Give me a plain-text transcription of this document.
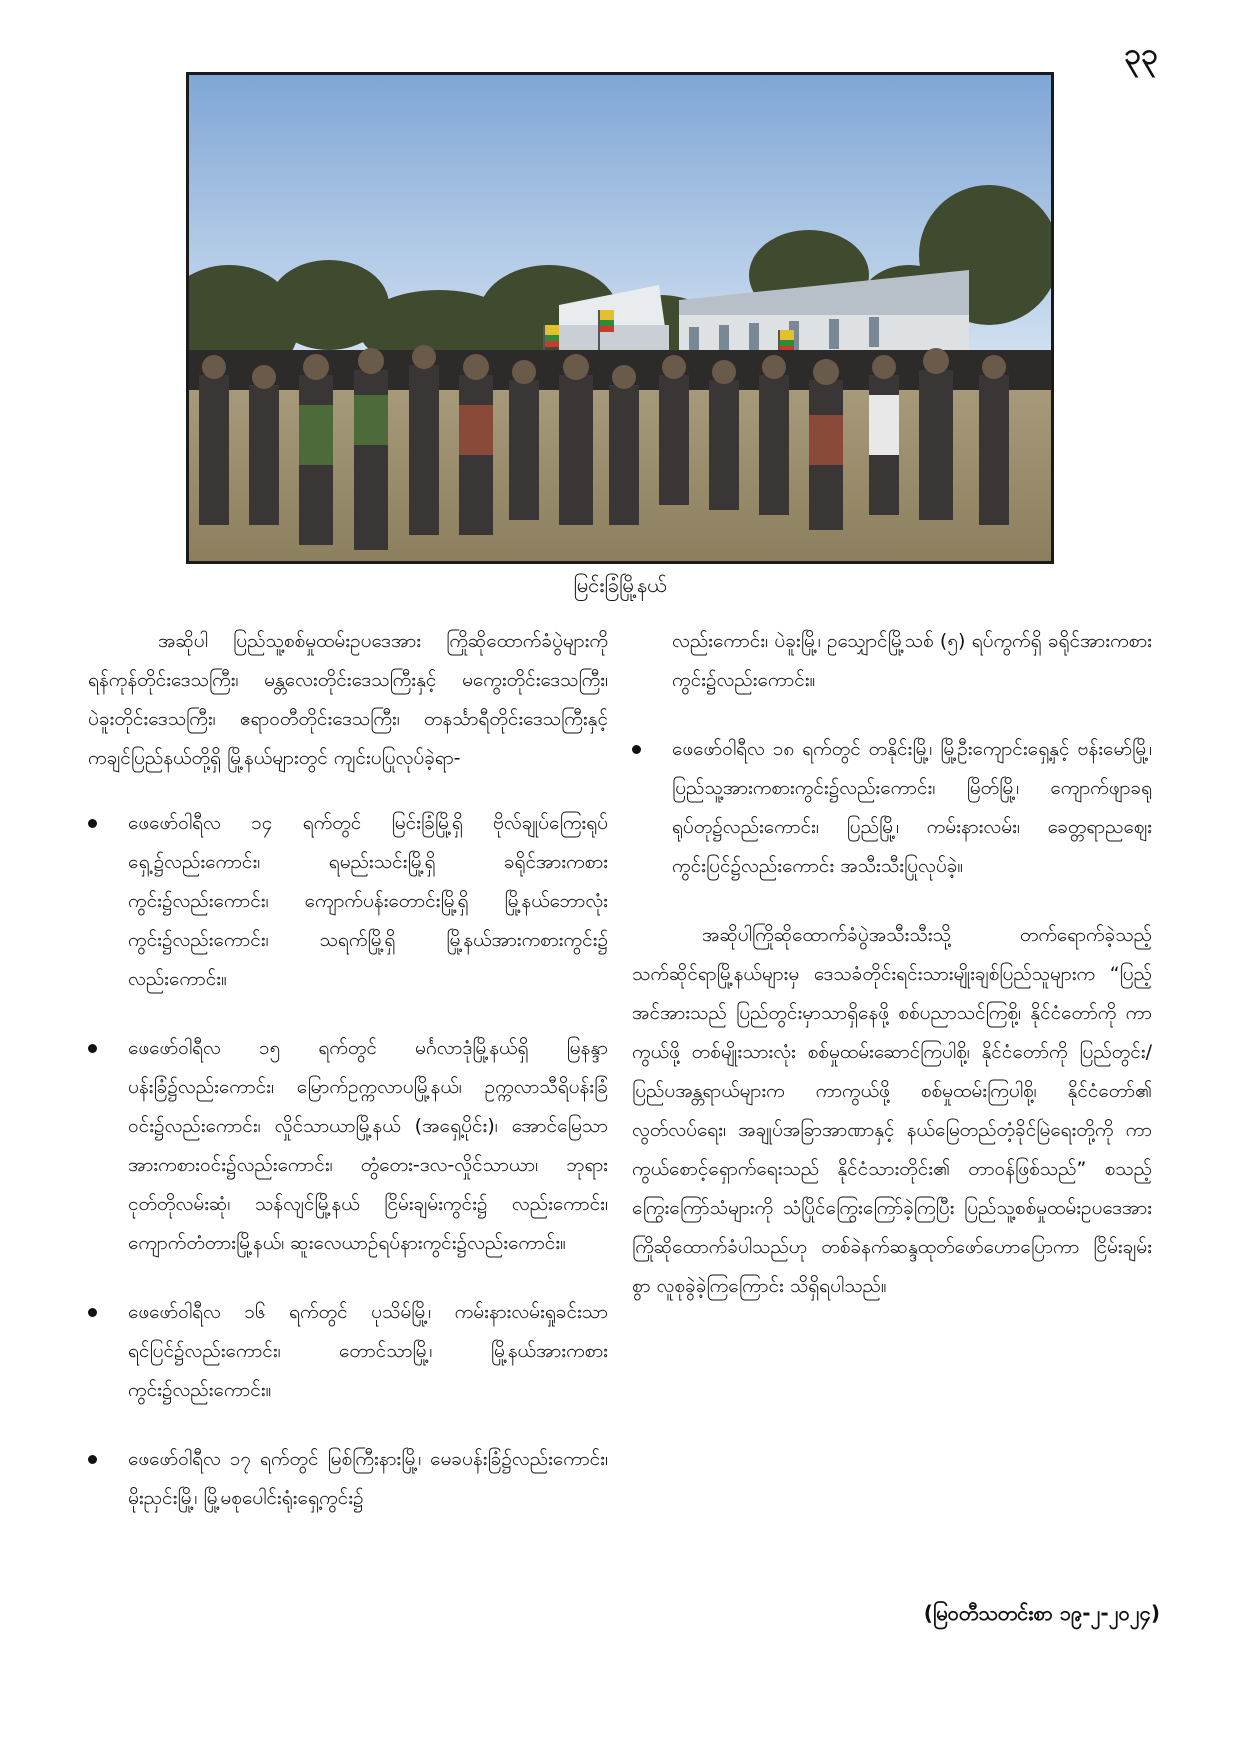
၃၃
မြင်းခြံမြို့နယ်

အဆိုပါ ပြည်သူ့စစ်မှုထမ်းဥပဒေအား ကြိုဆိုထောက်ခံပွဲများကို ရန်ကုန်တိုင်းဒေသကြီး၊ မန္တလေးတိုင်းဒေသကြီးနှင့် မကွေးတိုင်းဒေသကြီး၊ ပဲခူးတိုင်းဒေသကြီး၊ ဧရာဝတီတိုင်းဒေသကြီး၊ တနင်္သာရီတိုင်းဒေသကြီးနှင့် ကချင်ပြည်နယ်တို့ရှိ မြို့နယ်များတွင် ကျင်းပပြုလုပ်ခဲ့ရာ-

ဖေဖော်ဝါရီလ ၁၄ ရက်တွင် မြင်းခြံမြို့ရှိ ဗိုလ်ချုပ်ကြေးရုပ်ရှေ့၌လည်းကောင်း၊ ရမည်းသင်းမြို့ရှိ ခရိုင်အားကစားကွင်း၌လည်းကောင်း၊ ကျောက်ပန်းတောင်းမြို့ရှိ မြို့နယ်ဘောလုံးကွင်း၌လည်းကောင်း၊ သရက်မြို့ရှိ မြို့နယ်အားကစားကွင်း၌ လည်းကောင်း။
ဖေဖော်ဝါရီလ ၁၅ ရက်တွင် မင်္ဂလာဒုံမြို့နယ်ရှိ မြနန္ဒာပန်းခြံ၌လည်းကောင်း၊ မြောက်ဥက္ကလာပမြို့နယ်၊ ဥက္ကလာသီရိပန်းခြံဝင်း၌လည်းကောင်း၊ လှိုင်သာယာမြို့နယ် (အရှေ့ပိုင်း)၊ အောင်မြေသာအားကစားဝင်း၌လည်းကောင်း၊ တွံတေး-ဒလ-လှိုင်သာယာ၊ ဘုရားငုတ်တိုလမ်းဆုံ၊ သန်လျင်မြို့နယ် ငြိမ်းချမ်းကွင်း၌ လည်းကောင်း၊ ကျောက်တံတားမြို့နယ်၊ ဆူးလေယာဉ်ရပ်နားကွင်း၌လည်းကောင်း။
ဖေဖော်ဝါရီလ ၁၆ ရက်တွင် ပုသိမ်မြို့၊ ကမ်းနားလမ်းရှုခင်းသာရင်ပြင်၌လည်းကောင်း၊ တောင်သာမြို့၊ မြို့နယ်အားကစားကွင်း၌လည်းကောင်း။
ဖေဖော်ဝါရီလ ၁၇ ရက်တွင် မြစ်ကြီးနားမြို့၊ မေခပန်းခြံ၌လည်းကောင်း၊ မိုးညှင်းမြို့၊ မြို့မစုပေါင်းရုံးရှေ့ကွင်း၌
လည်းကောင်း၊ ပဲခူးမြို့၊ ဥသျှောင်မြို့သစ် (၅) ရပ်ကွက်ရှိ ခရိုင်အားကစားကွင်း၌လည်းကောင်း။
ဖေဖော်ဝါရီလ ၁၈ ရက်တွင် တနိုင်းမြို့၊ မြို့ဦးကျောင်းရှေ့နှင့် ဗန်းမော်မြို့၊ ပြည်သူ့အားကစားကွင်း၌လည်းကောင်း၊ မြိတ်မြို့၊ ကျောက်ဖျာခရုရုပ်တု၌လည်းကောင်း၊ ပြည်မြို့၊ ကမ်းနားလမ်း၊ ခေတ္တရာညဈေးကွင်းပြင်၌လည်းကောင်း အသီးသီးပြုလုပ်ခဲ့။

အဆိုပါကြိုဆိုထောက်ခံပွဲအသီးသီးသို့ တက်ရောက်ခဲ့သည့် သက်ဆိုင်ရာမြို့နယ်များမှ ဒေသခံတိုင်းရင်းသားမျိုးချစ်ပြည်သူများက “ပြည့်အင်အားသည် ပြည်တွင်းမှာသာရှိနေဖို့ စစ်ပညာသင်ကြစို့၊ နိုင်ငံတော်ကို ကာကွယ်ဖို့ တစ်မျိုးသားလုံး စစ်မှုထမ်းဆောင်ကြပါစို့၊ နိုင်ငံတော်ကို ပြည်တွင်း/ပြည်ပအန္တရာယ်များက ကာကွယ်ဖို့ စစ်မှုထမ်းကြပါစို့၊ နိုင်ငံတော်၏ လွတ်လပ်ရေး၊ အချုပ်အခြာအာဏာနှင့် နယ်မြေတည်တံ့ခိုင်မြဲရေးတို့ကို ကာကွယ်စောင့်ရှောက်ရေးသည် နိုင်ငံသားတိုင်း၏ တာဝန်ဖြစ်သည်” စသည့်ကြွေးကြော်သံများကို သံပြိုင်ကြွေးကြော်ခဲ့ကြပြီး ပြည်သူ့စစ်မှုထမ်းဥပဒေအား ကြိုဆိုထောက်ခံပါသည်ဟု တစ်ခဲနက်ဆန္ဒထုတ်ဖော်ဟောပြောကာ ငြိမ်းချမ်းစွာ လူစုခွဲခဲ့ကြကြောင်း သိရှိရပါသည်။

(မြဝတီသတင်းစာ ၁၉-၂-၂၀၂၄)
